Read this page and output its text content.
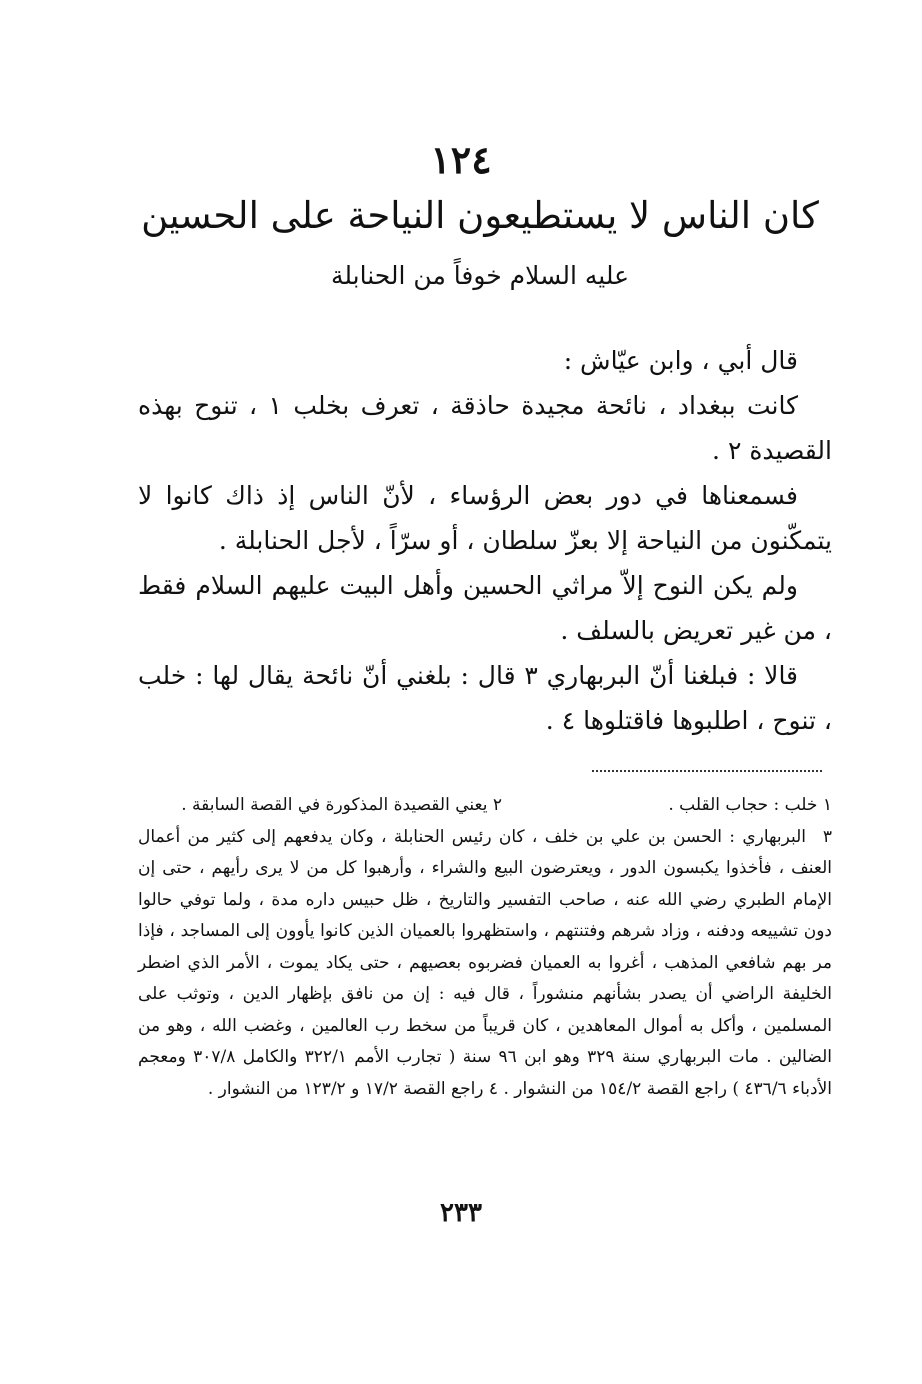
١٢٤
كان الناس لا يستطيعون النياحة على الحسين
عليه السلام خوفاً من الحنابلة

قال أبي ، وابن عيّاش :

كانت ببغداد ، نائحة مجيدة حاذقة ، تعرف بخلب ١ ، تنوح بهذه القصيدة ٢ .

فسمعناها في دور بعض الرؤساء ، لأنّ الناس إذ ذاك كانوا لا يتمكّنون من النياحة إلا بعزّ سلطان ، أو سرّاً ، لأجل الحنابلة .

ولم يكن النوح إلاّ مراثي الحسين وأهل البيت عليهم السلام فقط ، من غير تعريض بالسلف .

قالا : فبلغنا أنّ البربهاري ٣ قال : بلغني أنّ نائحة يقال لها : خلب ، تنوح ، اطلبوها فاقتلوها ٤ .

١ خلب : حجاب القلب .
٢ يعني القصيدة المذكورة في القصة السابقة .
٣البربهاري : الحسن بن علي بن خلف ، كان رئيس الحنابلة ، وكان يدفعهم إلى كثير من أعمال العنف ، فأخذوا يكبسون الدور ، ويعترضون البيع والشراء ، وأرهبوا كل من لا يرى رأيهم ، حتى إن الإمام الطبري رضي الله عنه ، صاحب التفسير والتاريخ ، ظل حبيس داره مدة ، ولما توفي حالوا دون تشييعه ودفنه ، وزاد شرهم وفتنتهم ، واستظهروا بالعميان الذين كانوا يأوون إلى المساجد ، فإذا مر بهم شافعي المذهب ، أغروا به العميان فضربوه بعصيهم ، حتى يكاد يموت ، الأمر الذي اضطر الخليفة الراضي أن يصدر بشأنهم منشوراً ، قال فيه : إن من نافق بإظهار الدين ، وتوثب على المسلمين ، وأكل به أموال المعاهدين ، كان قريباً من سخط رب العالمين ، وغضب الله ، وهو من الضالين . مات البربهاري سنة ٣٢٩ وهو ابن ٩٦ سنة ( تجارب الأمم ٣٢٢/١ والكامل ٣٠٧/٨ ومعجم الأدباء ٤٣٦/٦ ) راجع القصة ١٥٤/٢ من النشوار . ٤ راجع القصة ١٧/٢ و ١٢٣/٢ من النشوار .
٢٣٣
